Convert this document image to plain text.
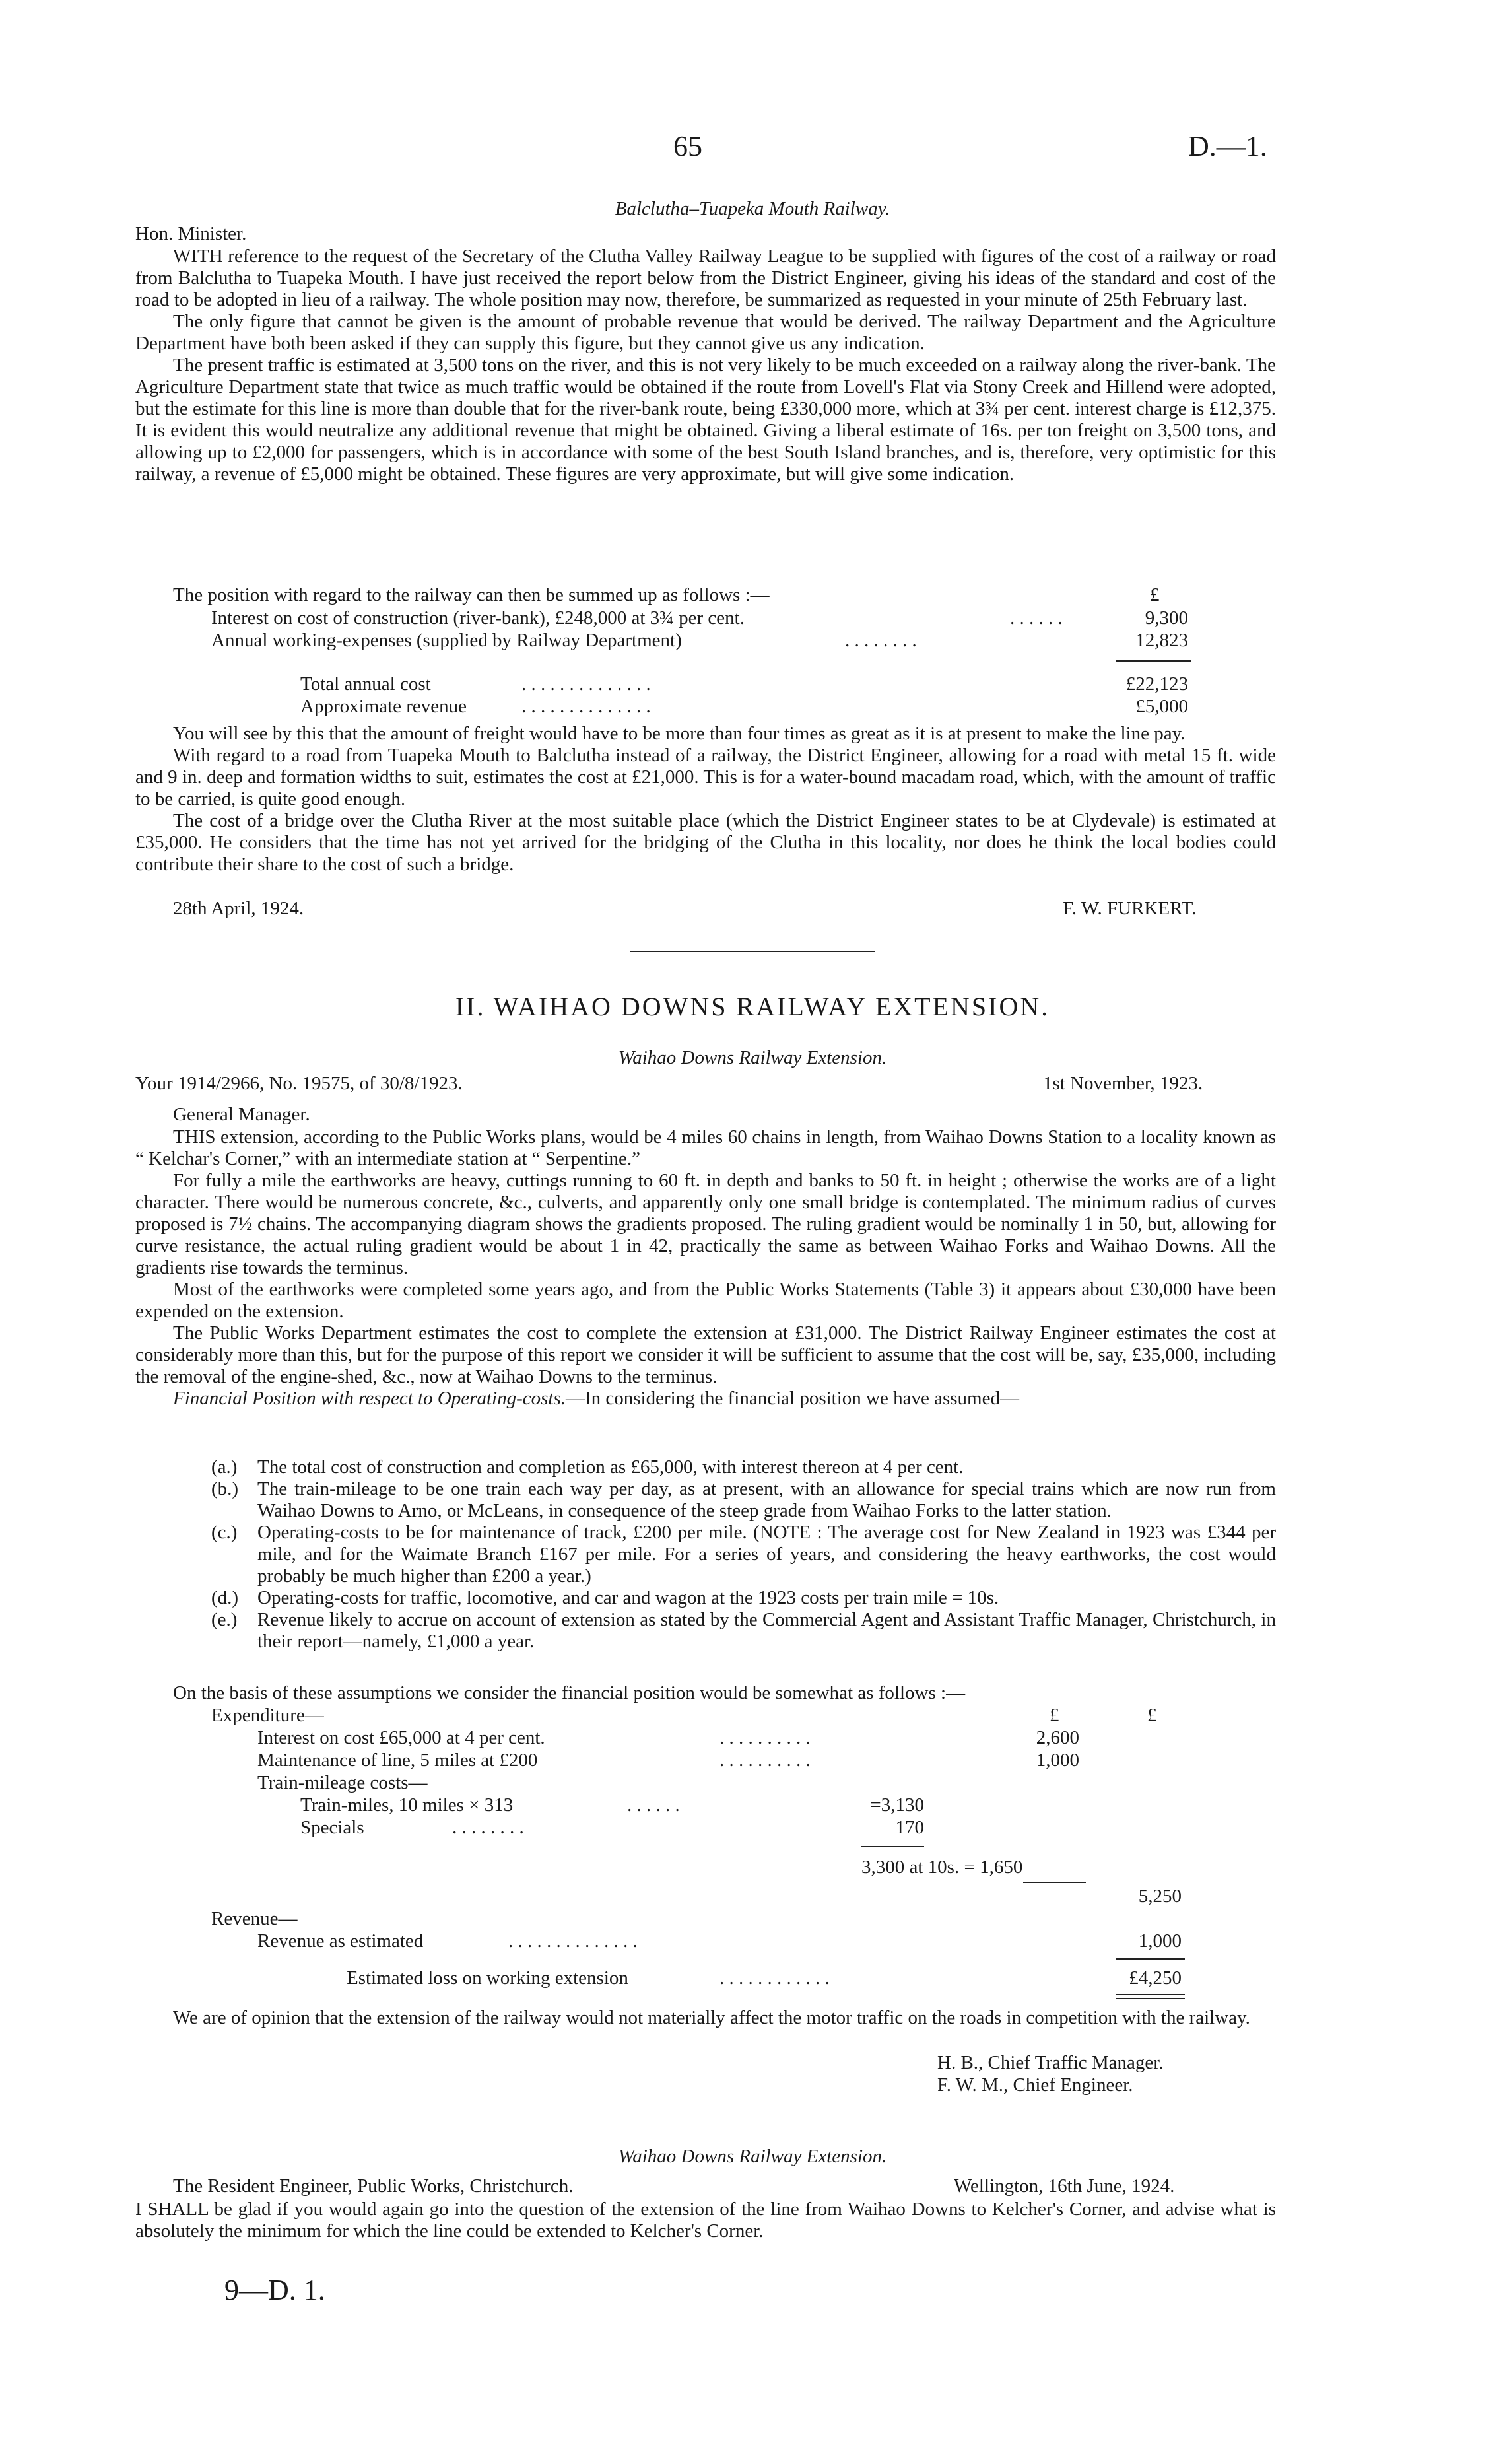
65	D.—1.
Balclutha–Tuapeka Mouth Railway.
Hon. Minister.

WITH reference to the request of the Secretary of the Clutha Valley Railway League to be supplied with figures of the cost of a railway or road from Balclutha to Tuapeka Mouth. I have just received the report below from the District Engineer, giving his ideas of the standard and cost of the road to be adopted in lieu of a railway. The whole position may now, therefore, be summarized as requested in your minute of 25th February last.

The only figure that cannot be given is the amount of probable revenue that would be derived. The railway Department and the Agriculture Department have both been asked if they can supply this figure, but they cannot give us any indication.

The present traffic is estimated at 3,500 tons on the river, and this is not very likely to be much exceeded on a railway along the river-bank. The Agriculture Department state that twice as much traffic would be obtained if the route from Lovell's Flat via Stony Creek and Hillend were adopted, but the estimate for this line is more than double that for the river-bank route, being £330,000 more, which at 3¾ per cent. interest charge is £12,375. It is evident this would neutralize any additional revenue that might be obtained. Giving a liberal estimate of 16s. per ton freight on 3,500 tons, and allowing up to £2,000 for passengers, which is in accordance with some of the best South Island branches, and is, therefore, very optimistic for this railway, a revenue of £5,000 might be obtained. These figures are very approximate, but will give some indication.

The position with regard to the railway can then be summed up as follows :—	£
Interest on cost of construction (river-bank), £248,000 at 3¾ per cent.	. . . . . .	9,300
Annual working-expenses (supplied by Railway Department)	. . . . . . . .	12,823
Total annual cost	. . . . . . . . . . . . . .	£22,123
Approximate revenue	. . . . . . . . . . . . . .	£5,000

You will see by this that the amount of freight would have to be more than four times as great as it is at present to make the line pay.

With regard to a road from Tuapeka Mouth to Balclutha instead of a railway, the District Engineer, allowing for a road with metal 15 ft. wide and 9 in. deep and formation widths to suit, estimates the cost at £21,000. This is for a water-bound macadam road, which, with the amount of traffic to be carried, is quite good enough.

The cost of a bridge over the Clutha River at the most suitable place (which the District Engineer states to be at Clydevale) is estimated at £35,000. He considers that the time has not yet arrived for the bridging of the Clutha in this locality, nor does he think the local bodies could contribute their share to the cost of such a bridge.

28th April, 1924.	F. W. FURKERT.
II. WAIHAO DOWNS RAILWAY EXTENSION.
Waihao Downs Railway Extension.
Your 1914/2966, No. 19575, of 30/8/1923.	1st November, 1923.
General Manager.

THIS extension, according to the Public Works plans, would be 4 miles 60 chains in length, from Waihao Downs Station to a locality known as “ Kelchar's Corner,” with an intermediate station at “ Serpentine.”

For fully a mile the earthworks are heavy, cuttings running to 60 ft. in depth and banks to 50 ft. in height ; otherwise the works are of a light character. There would be numerous concrete, &c., culverts, and apparently only one small bridge is contemplated. The minimum radius of curves proposed is 7½ chains. The accompanying diagram shows the gradients proposed. The ruling gradient would be nominally 1 in 50, but, allowing for curve resistance, the actual ruling gradient would be about 1 in 42, practically the same as between Waihao Forks and Waihao Downs. All the gradients rise towards the terminus.

Most of the earthworks were completed some years ago, and from the Public Works Statements (Table 3) it appears about £30,000 have been expended on the extension.

The Public Works Department estimates the cost to complete the extension at £31,000. The District Railway Engineer estimates the cost at considerably more than this, but for the purpose of this report we consider it will be sufficient to assume that the cost will be, say, £35,000, including the removal of the engine-shed, &c., now at Waihao Downs to the terminus.

Financial Position with respect to Operating-costs.—In considering the financial position we have assumed—

(a.) The total cost of construction and completion as £65,000, with interest thereon at 4 per cent.

(b.) The train-mileage to be one train each way per day, as at present, with an allowance for special trains which are now run from Waihao Downs to Arno, or McLeans, in consequence of the steep grade from Waihao Forks to the latter station.

(c.) Operating-costs to be for maintenance of track, £200 per mile. (NOTE : The average cost for New Zealand in 1923 was £344 per mile, and for the Waimate Branch £167 per mile. For a series of years, and considering the heavy earthworks, the cost would probably be much higher than £200 a year.)

(d.) Operating-costs for traffic, locomotive, and car and wagon at the 1923 costs per train mile = 10s.

(e.) Revenue likely to accrue on account of extension as stated by the Commercial Agent and Assistant Traffic Manager, Christchurch, in their report—namely, £1,000 a year.

On the basis of these assumptions we consider the financial position would be somewhat as follows :—
Expenditure—	£	£
Interest on cost £65,000 at 4 per cent.	. . . . . . . . . .	2,600
Maintenance of line, 5 miles at £200	. . . . . . . . . .	1,000
Train-mileage costs—
Train-miles, 10 miles × 313	. . . . . .	=3,130
Specials	. . . . . . . .	170
3,300 at 10s. = 1,650
5,250
Revenue—
Revenue as estimated	. . . . . . . . . . . . . .	1,000
Estimated loss on working extension	. . . . . . . . . . . .	£4,250

We are of opinion that the extension of the railway would not materially affect the motor traffic on the roads in competition with the railway.

H. B., Chief Traffic Manager.
F. W. M., Chief Engineer.
Waihao Downs Railway Extension.
The Resident Engineer, Public Works, Christchurch.	Wellington, 16th June, 1924.

I SHALL be glad if you would again go into the question of the extension of the line from Waihao Downs to Kelcher's Corner, and advise what is absolutely the minimum for which the line could be extended to Kelcher's Corner.

9—D. 1.
